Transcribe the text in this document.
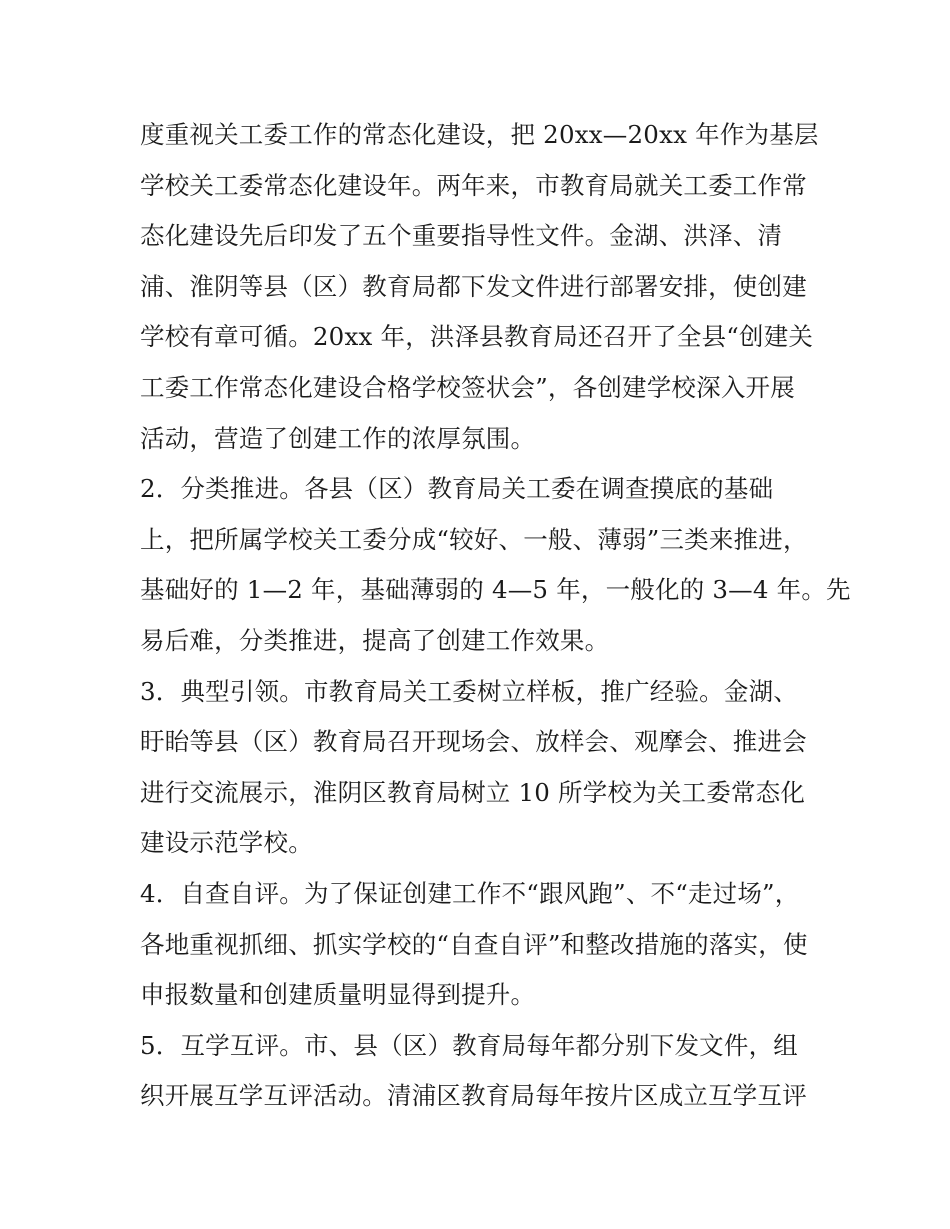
度重视关工委工作的常态化建设，把 20xx—20xx 年作为基层
学校关工委常态化建设年。两年来，市教育局就关工委工作常
态化建设先后印发了五个重要指导性文件。金湖、洪泽、清
浦、淮阴等县（区）教育局都下发文件进行部署安排，使创建
学校有章可循。20xx 年，洪泽县教育局还召开了全县“创建关
工委工作常态化建设合格学校签状会”，各创建学校深入开展
活动，营造了创建工作的浓厚氛围。
2．分类推进。各县（区）教育局关工委在调查摸底的基础
上，把所属学校关工委分成“较好、一般、薄弱”三类来推进，
基础好的 1—2 年，基础薄弱的 4—5 年，一般化的 3—4 年。先
易后难，分类推进，提高了创建工作效果。
3．典型引领。市教育局关工委树立样板，推广经验。金湖、
盱眙等县（区）教育局召开现场会、放样会、观摩会、推进会
进行交流展示，淮阴区教育局树立 10 所学校为关工委常态化
建设示范学校。
4．自查自评。为了保证创建工作不“跟风跑”、不“走过场”，
各地重视抓细、抓实学校的“自查自评”和整改措施的落实，使
申报数量和创建质量明显得到提升。
5．互学互评。市、县（区）教育局每年都分别下发文件，组
织开展互学互评活动。清浦区教育局每年按片区成立互学互评
